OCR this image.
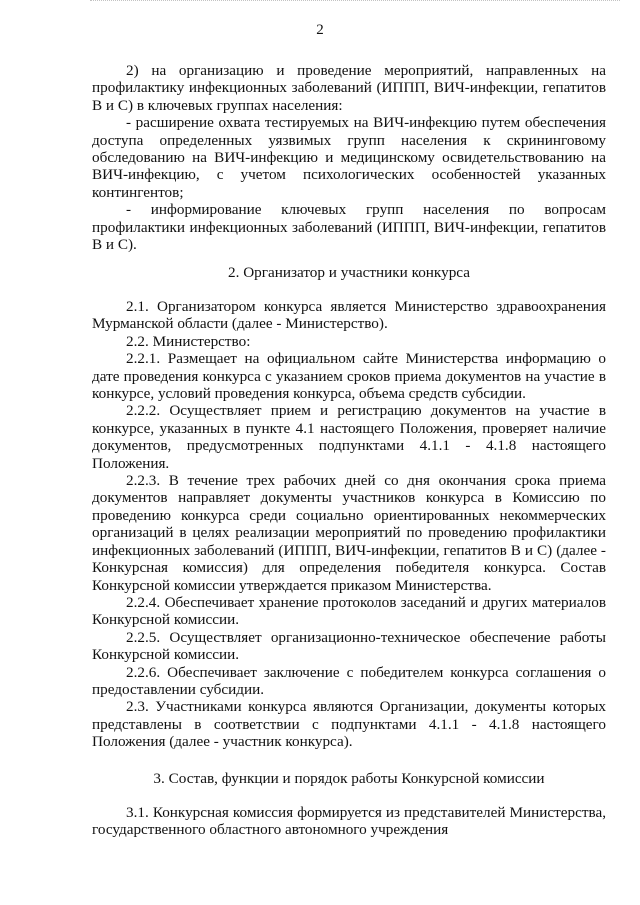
2

2) на организацию и проведение мероприятий, направленных на профилактику инфекционных заболеваний (ИППП, ВИЧ-инфекции, гепатитов В и С) в ключевых группах населения:

- расширение охвата тестируемых на ВИЧ-инфекцию путем обеспечения доступа определенных уязвимых групп населения к скрининговому обследованию на ВИЧ-инфекцию и медицинскому освидетельствованию на ВИЧ-инфекцию, с учетом психологических особенностей указанных контингентов;

- информирование ключевых групп населения по вопросам профилактики инфекционных заболеваний (ИППП, ВИЧ-инфекции, гепатитов В и С).

2. Организатор и участники конкурса

2.1. Организатором конкурса является Министерство здравоохранения Мурманской области (далее - Министерство).

2.2. Министерство:

2.2.1. Размещает на официальном сайте Министерства информацию о дате проведения конкурса с указанием сроков приема документов на участие в конкурсе, условий проведения конкурса, объема средств субсидии.

2.2.2. Осуществляет прием и регистрацию документов на участие в конкурсе, указанных в пункте 4.1 настоящего Положения, проверяет наличие документов, предусмотренных подпунктами 4.1.1 - 4.1.8 настоящего Положения.

2.2.3. В течение трех рабочих дней со дня окончания срока приема документов направляет документы участников конкурса в Комиссию по проведению конкурса среди социально ориентированных некоммерческих организаций в целях реализации мероприятий по проведению профилактики инфекционных заболеваний (ИППП, ВИЧ-инфекции, гепатитов В и С) (далее - Конкурсная комиссия) для определения победителя конкурса. Состав Конкурсной комиссии утверждается приказом Министерства.

2.2.4. Обеспечивает хранение протоколов заседаний и других материалов Конкурсной комиссии.

2.2.5. Осуществляет организационно-техническое обеспечение работы Конкурсной комиссии.

2.2.6. Обеспечивает заключение с победителем конкурса соглашения о предоставлении субсидии.

2.3. Участниками конкурса являются Организации, документы которых представлены в соответствии с подпунктами 4.1.1 - 4.1.8 настоящего Положения (далее - участник конкурса).

3. Состав, функции и порядок работы Конкурсной комиссии

3.1. Конкурсная комиссия формируется из представителей Министерства, государственного областного автономного учреждения
